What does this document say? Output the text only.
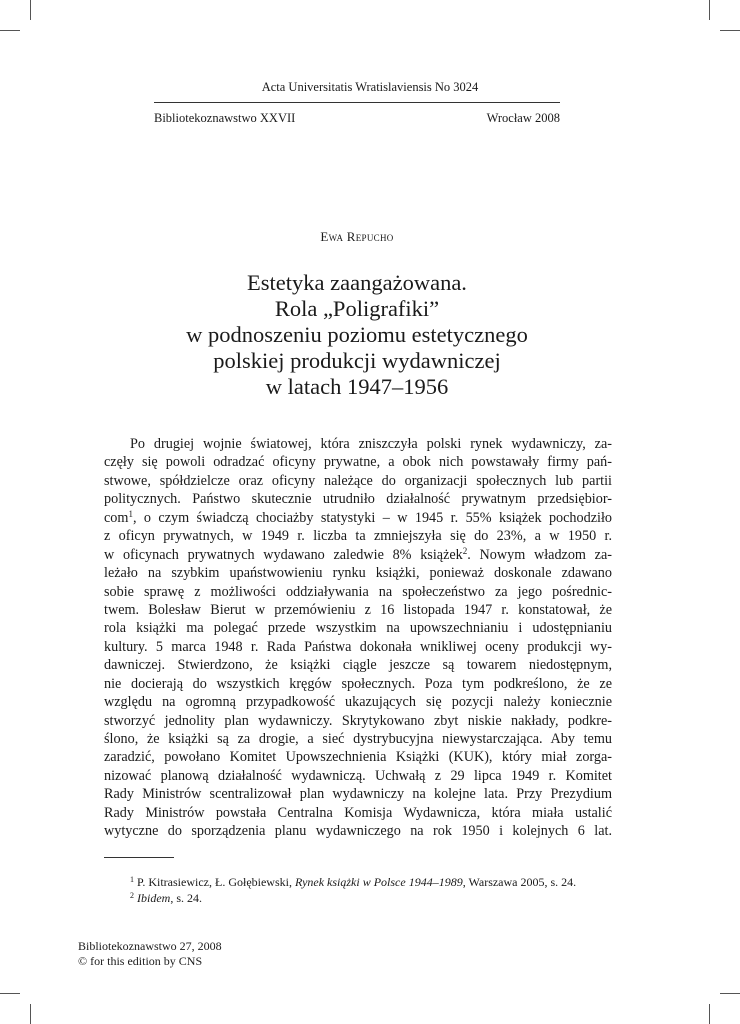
Acta Universitatis Wratislaviensis No 3024
Bibliotekoznawstwo XXVII	Wrocław 2008
Ewa Repucho
Estetyka zaangażowana.
Rola „Poligrafiki”
w podnoszeniu poziomu estetycznego
polskiej produkcji wydawniczej
w latach 1947–1956
Po drugiej wojnie światowej, która zniszczyła polski rynek wydawniczy, za-
częły się powoli odradzać oficyny prywatne, a obok nich powstawały firmy pań-
stwowe, spółdzielcze oraz oficyny należące do organizacji społecznych lub partii
politycznych. Państwo skutecznie utrudniło działalność prywatnym przedsiębior-
com$^1$, o czym świadczą chociażby statystyki – w 1945 r. 55% książek pochodziło
z oficyn prywatnych, w 1949 r. liczba ta zmniejszyła się do 23%, a w 1950 r.
w oficynach prywatnych wydawano zaledwie 8% książek$^2$. Nowym władzom za-
leżało na szybkim upaństwowieniu rynku książki, ponieważ doskonale zdawano
sobie sprawę z możliwości oddziaływania na społeczeństwo za jego pośrednic-
twem. Bolesław Bierut w przemówieniu z 16 listopada 1947 r. konstatował, że
rola książki ma polegać przede wszystkim na upowszechnianiu i udostępnianiu
kultury. 5 marca 1948 r. Rada Państwa dokonała wnikliwej oceny produkcji wy-
dawniczej. Stwierdzono, że książki ciągle jeszcze są towarem niedostępnym,
nie docierają do wszystkich kręgów społecznych. Poza tym podkreślono, że ze
względu na ogromną przypadkowość ukazujących się pozycji należy koniecznie
stworzyć jednolity plan wydawniczy. Skrytykowano zbyt niskie nakłady, podkre-
ślono, że książki są za drogie, a sieć dystrybucyjna niewystarczająca. Aby temu
zaradzić, powołano Komitet Upowszechnienia Książki (KUK), który miał zorga-
nizować planową działalność wydawniczą. Uchwałą z 29 lipca 1949 r. Komitet
Rady Ministrów scentralizował plan wydawniczy na kolejne lata. Przy Prezydium
Rady Ministrów powstała Centralna Komisja Wydawnicza, która miała ustalić
wytyczne do sporządzenia planu wydawniczego na rok 1950 i kolejnych 6 lat.
$^1$ P. Kitrasiewicz, Ł. Gołębiewski, Rynek książki w Polsce 1944–1989, Warszawa 2005, s. 24.
$^2$ Ibidem, s. 24.
Bibliotekoznawstwo 27, 2008
© for this edition by CNS
